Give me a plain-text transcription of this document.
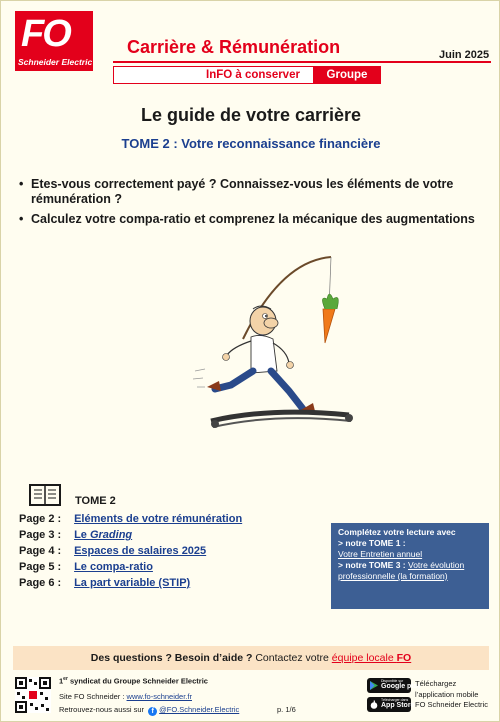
FO
Schneider Electric
Carrière & Rémunération	Juin 2025
InFO à conserver	Groupe
Le guide de votre carrière
TOME 2 : Votre reconnaissance financière
• Etes-vous correctement payé ? Connaissez-vous les éléments de votre rémunération ?
• Calculez votre compa-ratio et comprenez la mécanique des augmentations
TOME 2
Page 2 : Eléments de votre rémunération
Page 3 : Le Grading
Page 4 : Espaces de salaires 2025
Page 5 : Le compa-ratio
Page 6 : La part variable (STIP)
Complétez votre lecture avec
> notre TOME 1 :
Votre Entretien annuel
> notre TOME 3 : Votre évolution
professionnelle (la formation)
Des questions ? Besoin d’aide ? Contactez votre équipe locale FO
1er syndicat du Groupe Schneider Electric
Site FO Schneider : www.fo-schneider.fr
Retrouvez-nous aussi sur f @FO.Schneider.Electric	p. 1/6
Disponible sur
Google play
Télécharger dans
App Store
Téléchargez
l’application mobile
FO Schneider Electric
